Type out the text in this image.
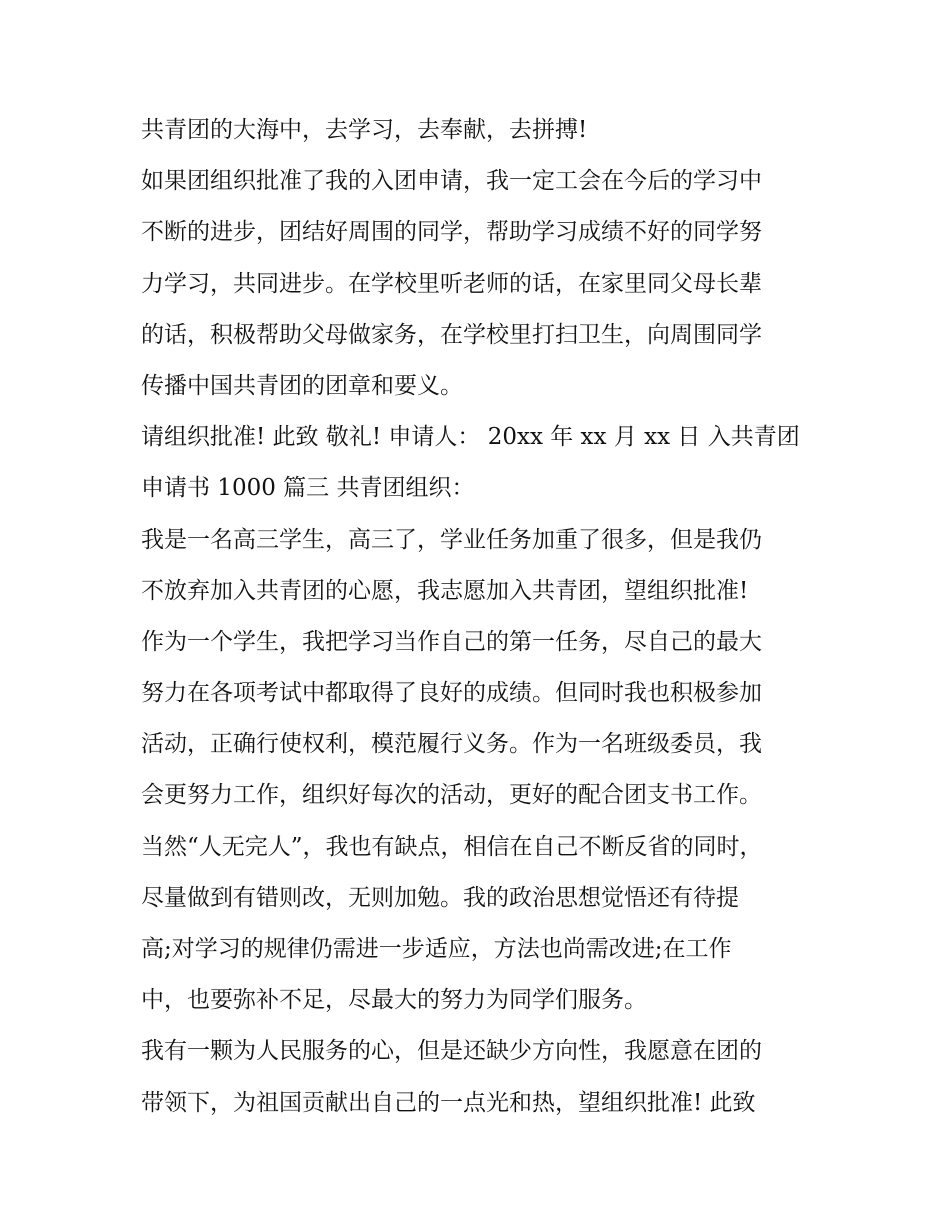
共青团的大海中，去学习，去奉献，去拼搏!
如果团组织批准了我的入团申请，我一定工会在今后的学习中
不断的进步，团结好周围的同学，帮助学习成绩不好的同学努
力学习，共同进步。在学校里听老师的话，在家里同父母长辈
的话，积极帮助父母做家务，在学校里打扫卫生，向周围同学
传播中国共青团的团章和要义。
请组织批准! 此致 敬礼! 申请人： 20xx 年 xx 月 xx 日 入共青团
申请书 1000 篇三 共青团组织：
我是一名高三学生，高三了，学业任务加重了很多，但是我仍
不放弃加入共青团的心愿，我志愿加入共青团，望组织批准!
作为一个学生，我把学习当作自己的第一任务，尽自己的最大
努力在各项考试中都取得了良好的成绩。但同时我也积极参加
活动，正确行使权利，模范履行义务。作为一名班级委员，我
会更努力工作，组织好每次的活动，更好的配合团支书工作。
当然“人无完人”，我也有缺点，相信在自己不断反省的同时，
尽量做到有错则改，无则加勉。我的政治思想觉悟还有待提
高;对学习的规律仍需进一步适应，方法也尚需改进;在工作
中，也要弥补不足，尽最大的努力为同学们服务。
我有一颗为人民服务的心，但是还缺少方向性，我愿意在团的
带领下，为祖国贡献出自己的一点光和热，望组织批准! 此致
